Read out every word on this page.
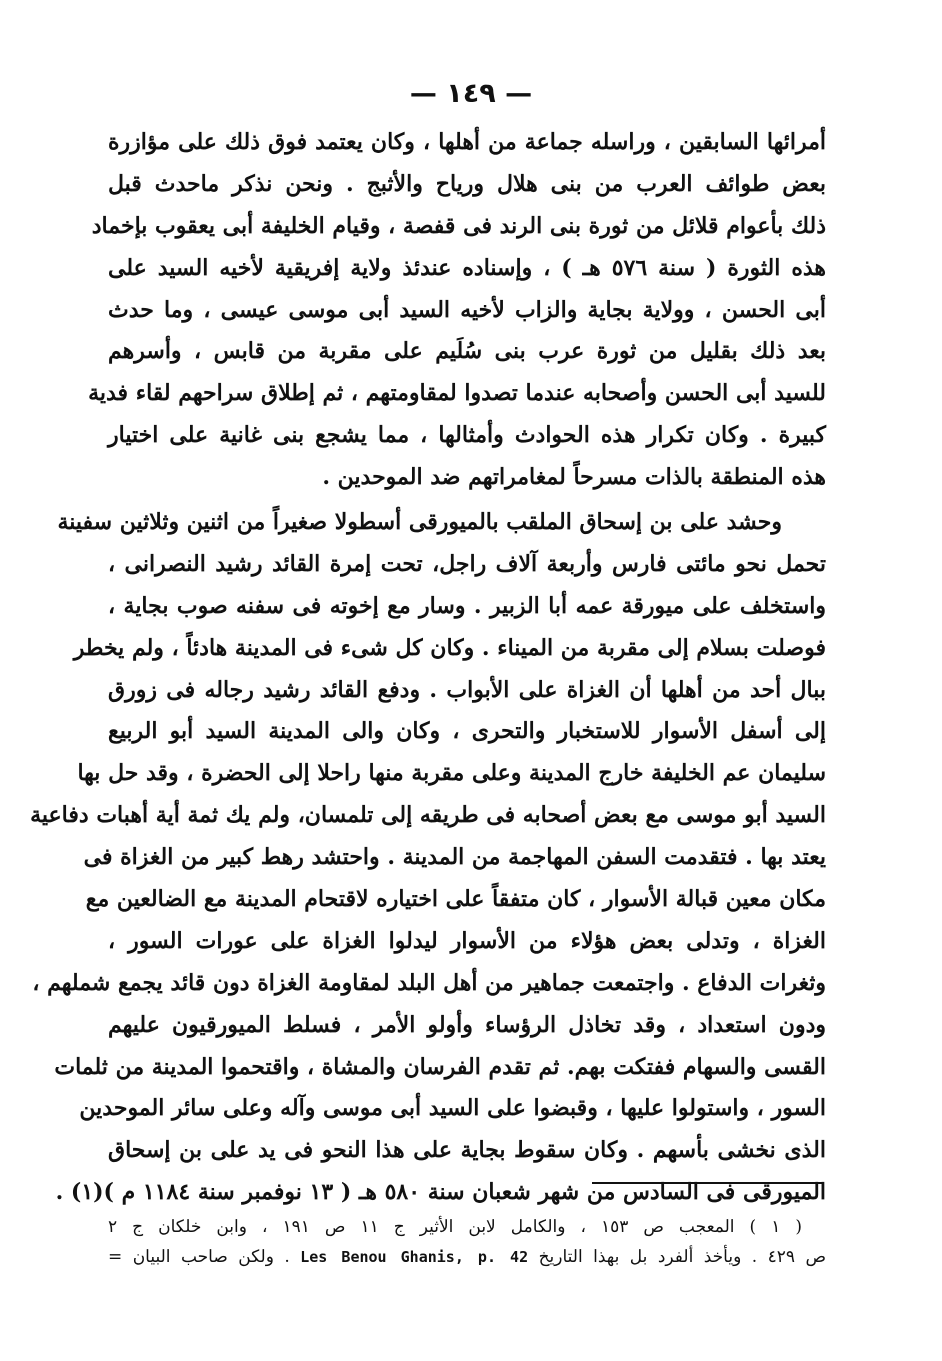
— ١٤٩ —
أمرائها السابقين ، وراسله جماعة من أهلها ، وكان يعتمد فوق ذلك على مؤازرة
بعض طوائف العرب من بنى هلال ورياح والأثبج . ونحن نذكر ماحدث قبل
ذلك بأعوام قلائل من ثورة بنى الرند فى قفصة ، وقيام الخليفة أبى يعقوب بإخماد
هذه الثورة ( سنة ٥٧٦ هـ ) ، وإسناده عندئذ ولاية إفريقية لأخيه السيد على
أبى الحسن ، وولاية بجاية والزاب لأخيه السيد أبى موسى عيسى ، وما حدث
بعد ذلك بقليل من ثورة عرب بنى سُلَيم على مقربة من قابس ، وأسرهم
للسيد أبى الحسن وأصحابه عندما تصدوا لمقاومتهم ، ثم إطلاق سراحهم لقاء فدية
كبيرة . وكان تكرار هذه الحوادث وأمثالها ، مما يشجع بنى غانية على اختيار
هذه المنطقة بالذات مسرحاً لمغامراتهم ضد الموحدين .
وحشد على بن إسحاق الملقب بالميورقى أسطولا صغيراً من اثنين وثلاثين سفينة
تحمل نحو مائتى فارس وأربعة آلاف راجل، تحت إمرة القائد رشيد النصرانى ،
واستخلف على ميورقة عمه أبا الزبير . وسار مع إخوته فى سفنه صوب بجاية ،
فوصلت بسلام إلى مقربة من الميناء . وكان كل شىء فى المدينة هادئاً ، ولم يخطر
ببال أحد من أهلها أن الغزاة على الأبواب . ودفع القائد رشيد رجاله فى زورق
إلى أسفل الأسوار للاستخبار والتحرى ، وكان والى المدينة السيد أبو الربيع
سليمان عم الخليفة خارج المدينة وعلى مقربة منها راحلا إلى الحضرة ، وقد حل بها
السيد أبو موسى مع بعض أصحابه فى طريقه إلى تلمسان، ولم يك ثمة أية أهبات دفاعية
يعتد بها . فتقدمت السفن المهاجمة من المدينة . واحتشد رهط كبير من الغزاة فى
مكان معين قبالة الأسوار ، كان متفقاً على اختياره لاقتحام المدينة مع الضالعين مع
الغزاة ، وتدلى بعض هؤلاء من الأسوار ليدلوا الغزاة على عورات السور ،
وثغرات الدفاع . واجتمعت جماهير من أهل البلد لمقاومة الغزاة دون قائد يجمع شملهم ،
ودون استعداد ، وقد تخاذل الرؤساء وأولو الأمر ، فسلط الميورقيون عليهم
القسى والسهام ففتكت بهم. ثم تقدم الفرسان والمشاة ، واقتحموا المدينة من ثلمات
السور ، واستولوا عليها ، وقبضوا على السيد أبى موسى وآله وعلى سائر الموحدين
الذى نخشى بأسهم . وكان سقوط بجاية على هذا النحو فى يد على بن إسحاق
الميورقى فى السادس من شهر شعبان سنة ٥٨٠ هـ ( ١٣ نوفمبر سنة ١١٨٤ م )(١) .
( ١ ) المعجب ص ١٥٣ ، والكامل لابن الأثير ج ١١ ص ١٩١ ، وابن خلكان ج ٢
ص ٤٢٩ . ويأخذ ألفرد بل بهذا التاريخ Les Benou Ghanis, p. 42 . ولكن صاحب البيان =
